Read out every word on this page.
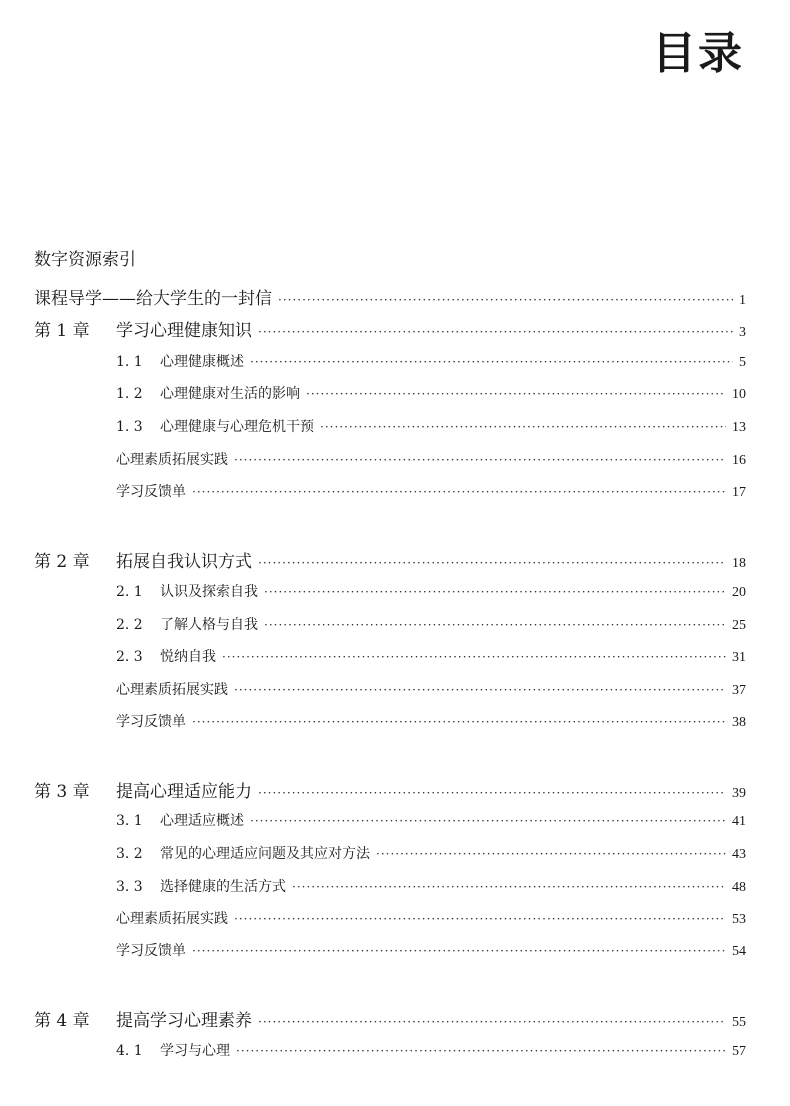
目录
数字资源索引
课程导学——给大学生的一封信 ·····	1
第 1 章	学习心理健康知识 ·····	3
1. 1	心理健康概述 ·····	5
1. 2	心理健康对生活的影响 ·····	10
1. 3	心理健康与心理危机干预 ·····	13
心理素质拓展实践 ·····	16
学习反馈单 ·····	17
第 2 章	拓展自我认识方式 ·····	18
2. 1	认识及探索自我 ·····	20
2. 2	了解人格与自我 ·····	25
2. 3	悦纳自我 ·····	31
心理素质拓展实践 ·····	37
学习反馈单 ·····	38
第 3 章	提高心理适应能力 ·····	39
3. 1	心理适应概述 ·····	41
3. 2	常见的心理适应问题及其应对方法 ·····	43
3. 3	选择健康的生活方式 ·····	48
心理素质拓展实践 ·····	53
学习反馈单 ·····	54
第 4 章	提高学习心理素养 ·····	55
4. 1	学习与心理 ·····	57
